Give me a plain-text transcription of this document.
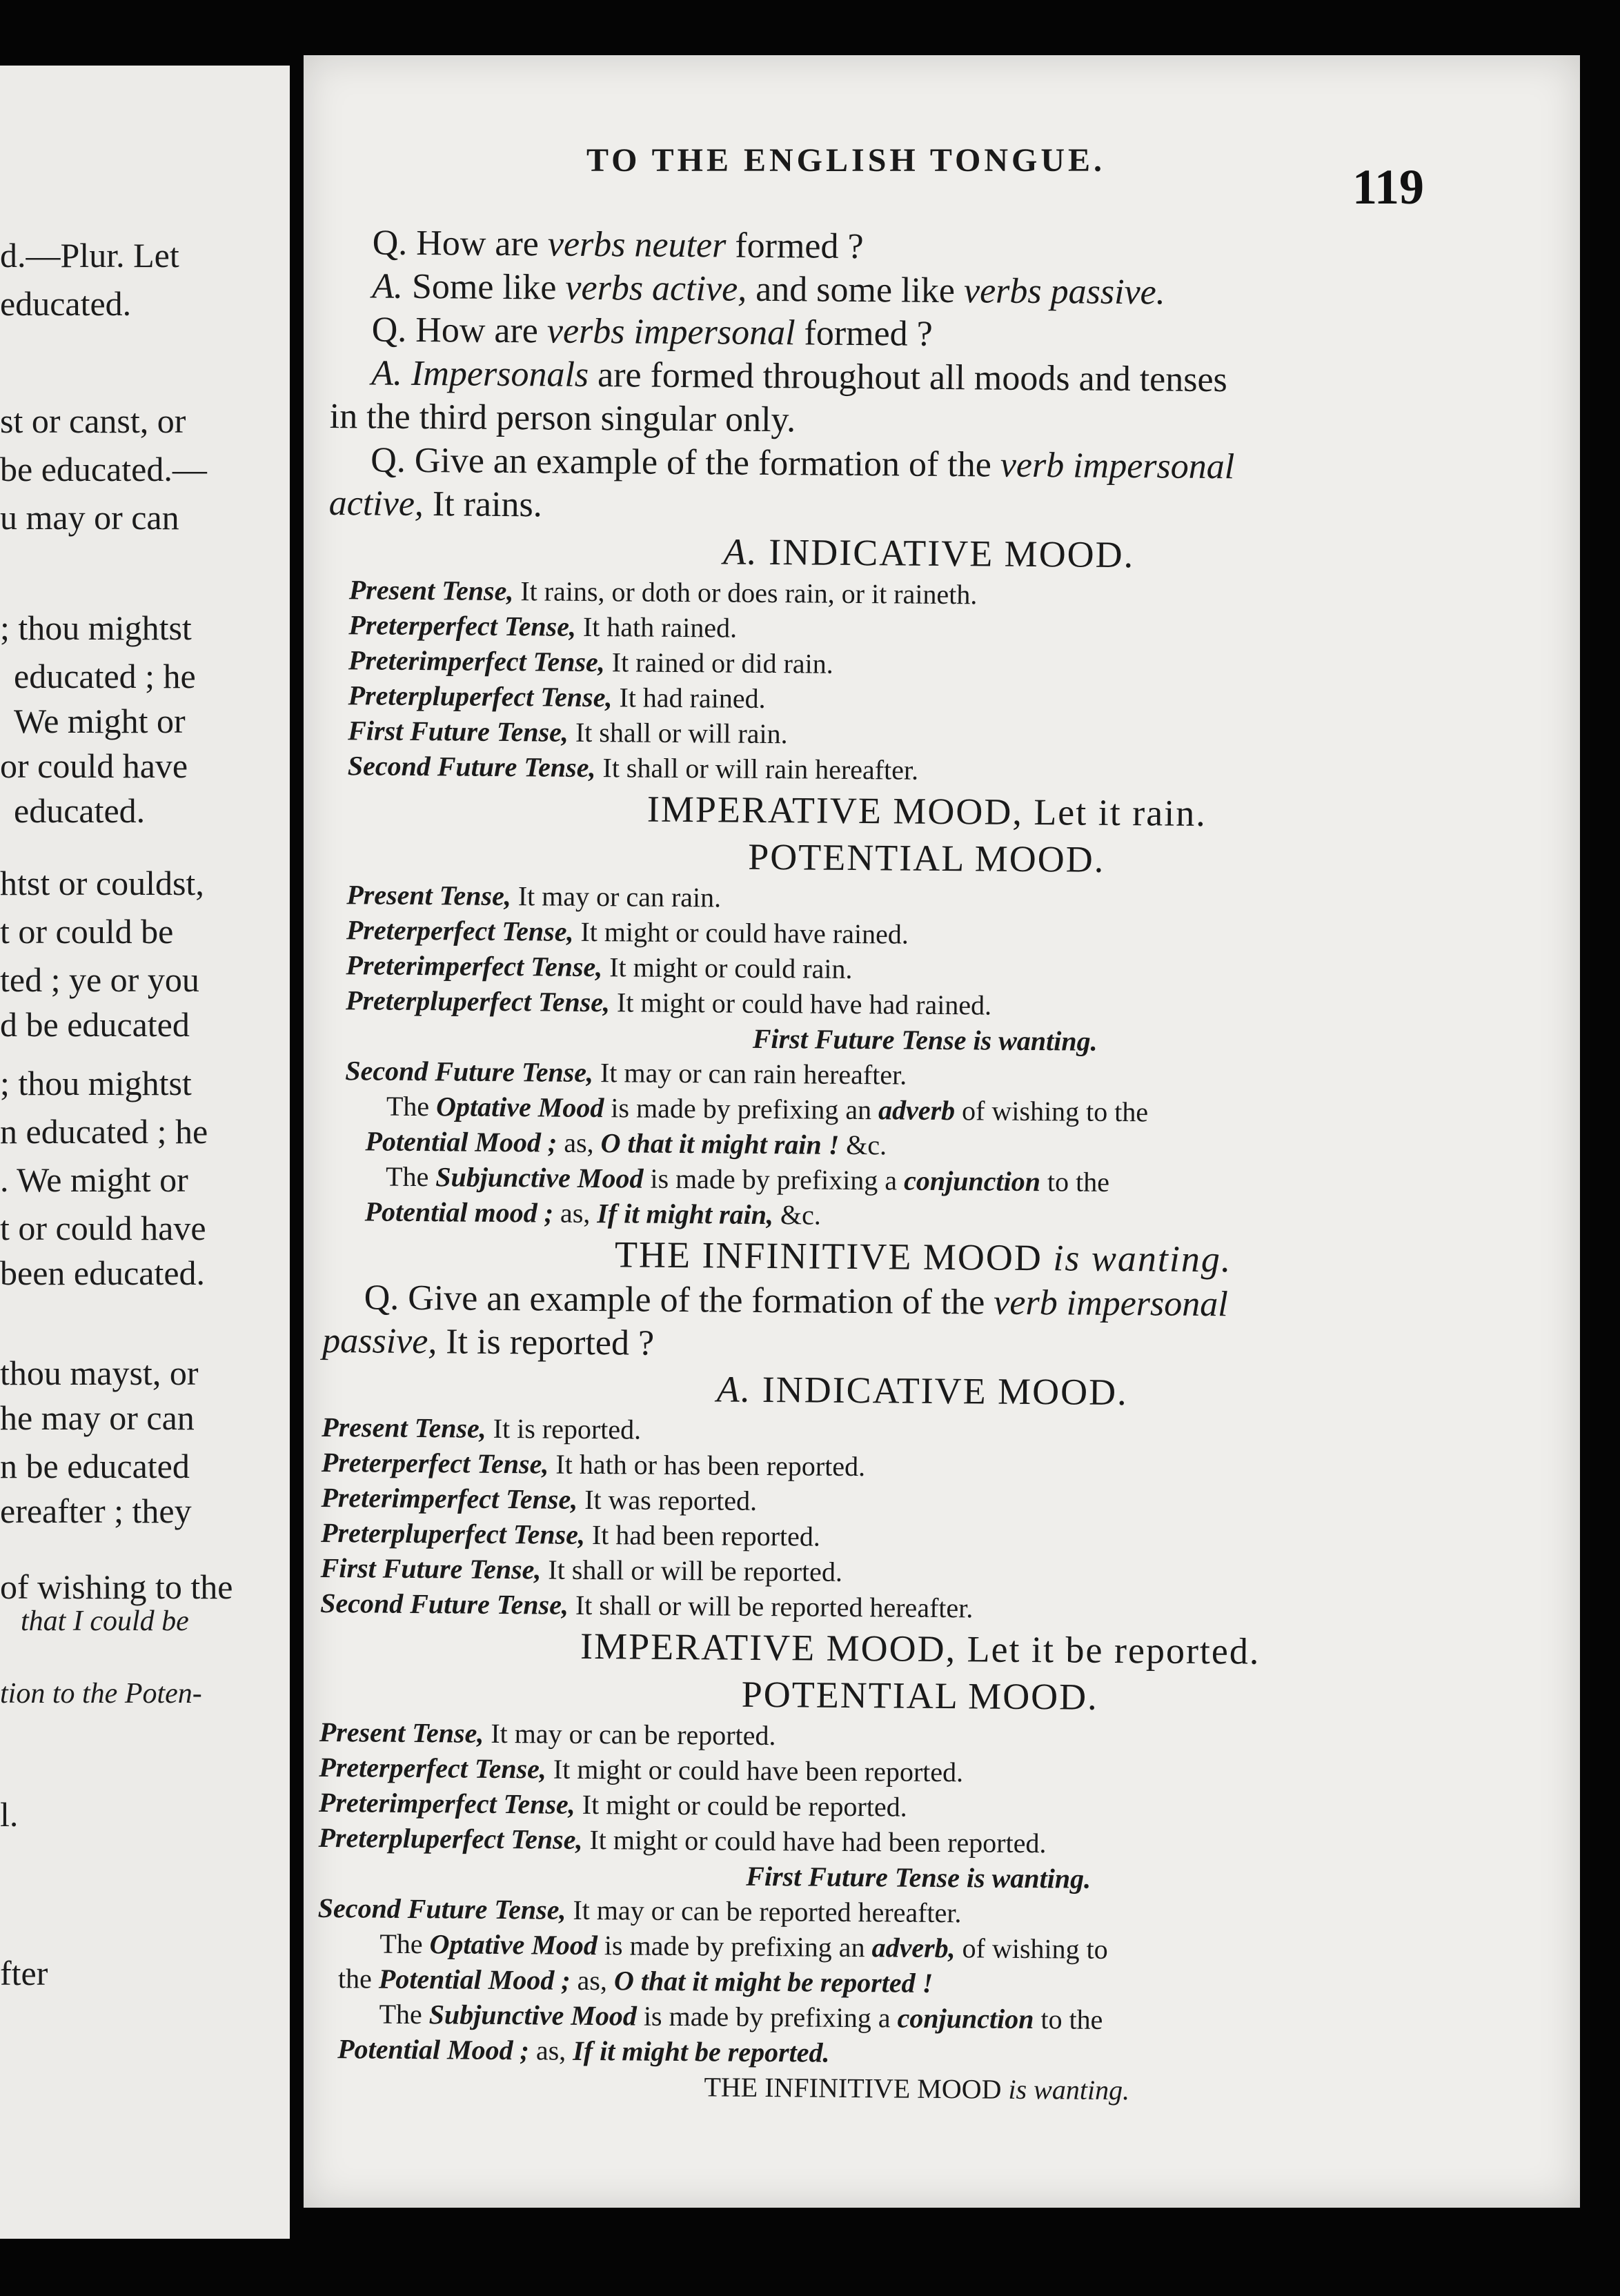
d.—Plur. Let
educated.
st or canst, or
be educated.—
u may or can
; thou mightst
educated ; he
We might or
or could have
educated.
htst or couldst,
t or could be
ted ; ye or you
d be educated
; thou mightst
n educated ; he
. We might or
t or could have
been educated.
thou mayst, or
he may or can
n be educated
ereafter ; they
of wishing to the
that I could be
tion to the Poten-
l.
fter
TO THE ENGLISH TONGUE.	119
Q. How are verbs neuter formed ?
A. Some like verbs active, and some like verbs passive.
Q. How are verbs impersonal formed ?
A. Impersonals are formed throughout all moods and tenses
in the third person singular only.
Q. Give an example of the formation of the verb impersonal
active, It rains.
A. INDICATIVE MOOD.
Present Tense, It rains, or doth or does rain, or it raineth.
Preterperfect Tense, It hath rained.
Preterimperfect Tense, It rained or did rain.
Preterpluperfect Tense, It had rained.
First Future Tense, It shall or will rain.
Second Future Tense, It shall or will rain hereafter.
IMPERATIVE MOOD, Let it rain.
POTENTIAL MOOD.
Present Tense, It may or can rain.
Preterperfect Tense, It might or could have rained.
Preterimperfect Tense, It might or could rain.
Preterpluperfect Tense, It might or could have had rained.
First Future Tense is wanting.
Second Future Tense, It may or can rain hereafter.
The Optative Mood is made by prefixing an adverb of wishing to the
Potential Mood ; as, O that it might rain ! &c.
The Subjunctive Mood is made by prefixing a conjunction to the
Potential mood ; as, If it might rain, &c.
THE INFINITIVE MOOD is wanting.
Q. Give an example of the formation of the verb impersonal
passive, It is reported ?
A. INDICATIVE MOOD.
Present Tense, It is reported.
Preterperfect Tense, It hath or has been reported.
Preterimperfect Tense, It was reported.
Preterpluperfect Tense, It had been reported.
First Future Tense, It shall or will be reported.
Second Future Tense, It shall or will be reported hereafter.
IMPERATIVE MOOD, Let it be reported.
POTENTIAL MOOD.
Present Tense, It may or can be reported.
Preterperfect Tense, It might or could have been reported.
Preterimperfect Tense, It might or could be reported.
Preterpluperfect Tense, It might or could have had been reported.
First Future Tense is wanting.
Second Future Tense, It may or can be reported hereafter.
The Optative Mood is made by prefixing an adverb, of wishing to
the Potential Mood ; as, O that it might be reported !
The Subjunctive Mood is made by prefixing a conjunction to the
Potential Mood ; as, If it might be reported.
THE INFINITIVE MOOD is wanting.
